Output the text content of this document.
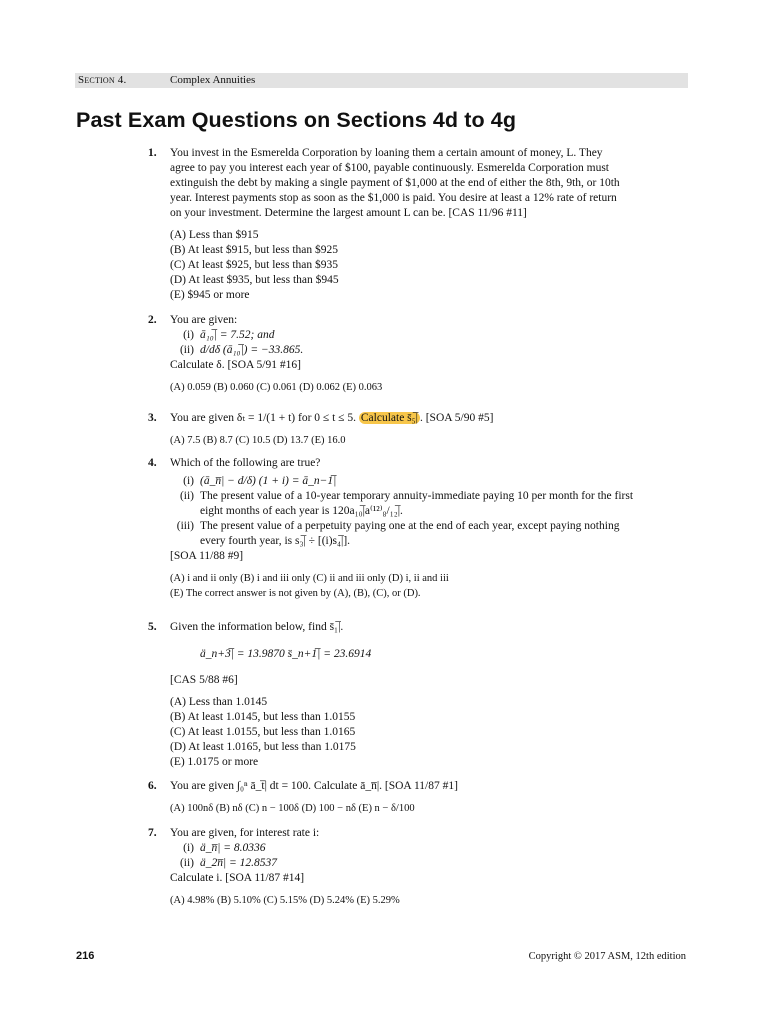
Section 4.	Complex Annuities
Past Exam Questions on Sections 4d to 4g
1. You invest in the Esmerelda Corporation by loaning them a certain amount of money, L. They
agree to pay you interest each year of $100, payable continuously. Esmerelda Corporation must
extinguish the debt by making a single payment of $1,000 at the end of either the 8th, 9th, or 10th
year. Interest payments stop as soon as the $1,000 is paid. You desire at least a 12% rate of return
on your investment. Determine the largest amount L can be. [CAS 11/96 #11]
(A) Less than $915
(B) At least $915, but less than $925
(C) At least $925, but less than $935
(D) At least $935, but less than $945
(E) $945 or more
2. You are given:
(i) ā₁₀̅| = 7.52; and
(ii) d/dδ (ā₁₀̅|) = −33.865.
Calculate δ. [SOA 5/91 #16]
(A) 0.059 (B) 0.060 (C) 0.061 (D) 0.062 (E) 0.063
3. You are given δₜ = 1/(1 + t) for 0 ≤ t ≤ 5. Calculate s̄₅̅| . [SOA 5/90 #5]
(A) 7.5 (B) 8.7 (C) 10.5 (D) 13.7 (E) 16.0
4. Which of the following are true?
(i) (ā_n̅| − d/δ) (1 + i) = ā_n−1̅|
(ii) The present value of a 10-year temporary annuity-immediate paying 10 per month for the first
eight months of each year is 120a₁₀̅|a⁽¹²⁾₈/₁₂̅|.
(iii) The present value of a perpetuity paying one at the end of each year, except paying nothing
every fourth year, is s₃̅| ÷ [(i)s₄̅|].
[SOA 11/88 #9]
(A) i and ii only (B) i and iii only (C) ii and iii only (D) i, ii and iii
(E) The correct answer is not given by (A), (B), (C), or (D).
5. Given the information below, find s̄₁̅|.
ä_n+3̅| = 13.9870 s̈_n+1̅| = 23.6914
[CAS 5/88 #6]
(A) Less than 1.0145
(B) At least 1.0145, but less than 1.0155
(C) At least 1.0155, but less than 1.0165
(D) At least 1.0165, but less than 1.0175
(E) 1.0175 or more
6. You are given ∫₀ⁿ ā_t̅| dt = 100. Calculate ā_n̅|. [SOA 11/87 #1]
(A) 100nδ (B) nδ (C) n − 100δ (D) 100 − nδ (E) n − δ/100
7. You are given, for interest rate i:
(i) ä_n̅| = 8.0336
(ii) ä_2n̅| = 12.8537
Calculate i. [SOA 11/87 #14]
(A) 4.98% (B) 5.10% (C) 5.15% (D) 5.24% (E) 5.29%
216	Copyright © 2017 ASM, 12th edition
